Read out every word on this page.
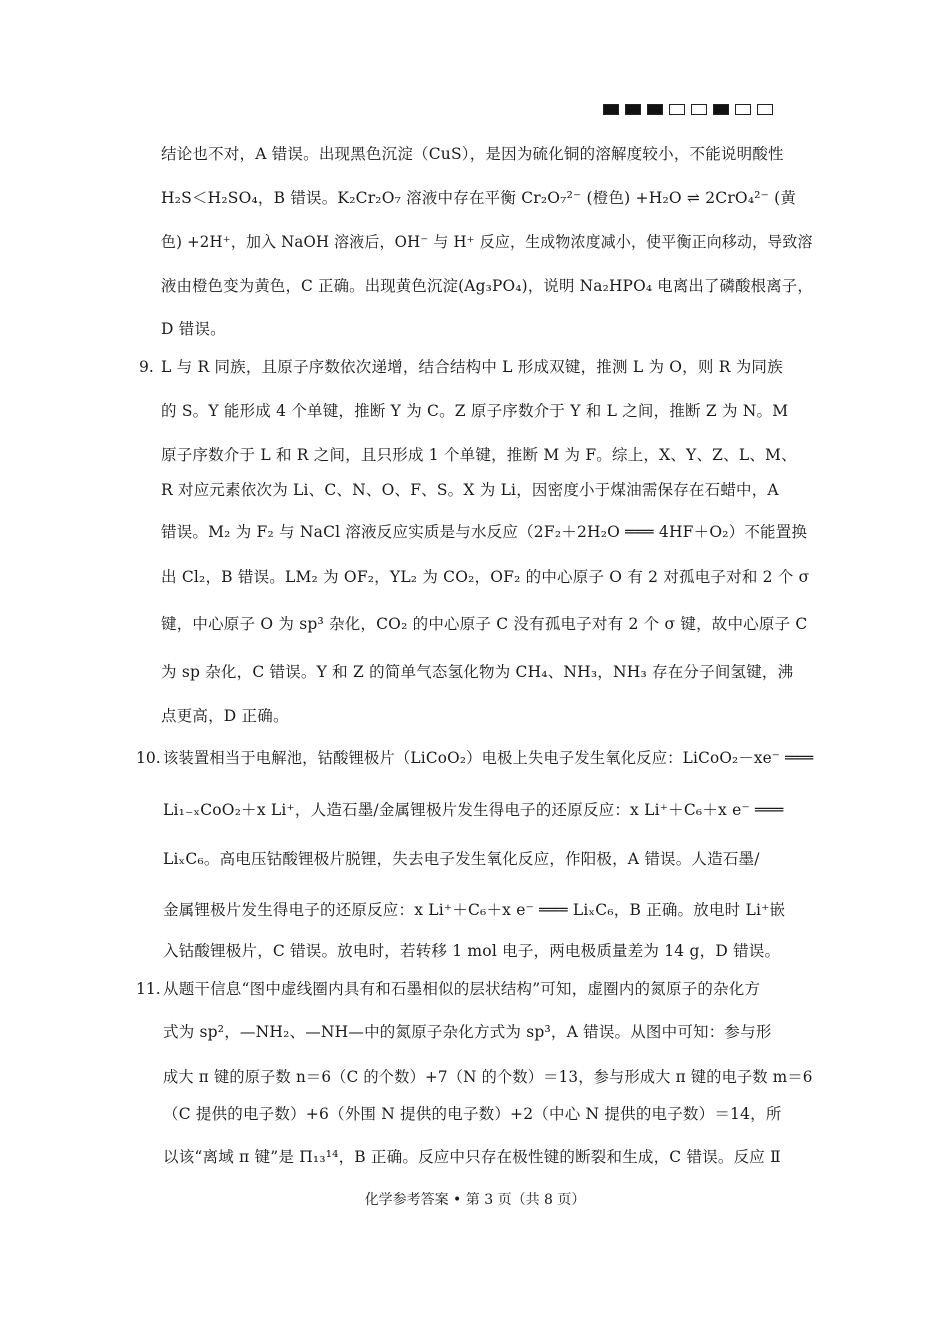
结论也不对，A 错误。出现黑色沉淀（CuS），是因为硫化铜的溶解度较小，不能说明酸性
H₂S＜H₂SO₄，B 错误。K₂Cr₂O₇ 溶液中存在平衡 Cr₂O₇²⁻ (橙色) +H₂O ⇌ 2CrO₄²⁻ (黄
色) +2H⁺，加入 NaOH 溶液后，OH⁻ 与 H⁺ 反应，生成物浓度减小，使平衡正向移动，导致溶
液由橙色变为黄色，C 正确。出现黄色沉淀(Ag₃PO₄)，说明 Na₂HPO₄ 电离出了磷酸根离子，
D 错误。
9. L 与 R 同族，且原子序数依次递增，结合结构中 L 形成双键，推测 L 为 O，则 R 为同族
的 S。Y 能形成 4 个单键，推断 Y 为 C。Z 原子序数介于 Y 和 L 之间，推断 Z 为 N。M
原子序数介于 L 和 R 之间，且只形成 1 个单键，推断 M 为 F。综上，X、Y、Z、L、M、
R 对应元素依次为 Li、C、N、O、F、S。X 为 Li，因密度小于煤油需保存在石蜡中，A
错误。M₂ 为 F₂ 与 NaCl 溶液反应实质是与水反应（2F₂＋2H₂O ═══ 4HF＋O₂）不能置换
出 Cl₂，B 错误。LM₂ 为 OF₂，YL₂ 为 CO₂，OF₂ 的中心原子 O 有 2 对孤电子对和 2 个 σ
键，中心原子 O 为 sp³ 杂化，CO₂ 的中心原子 C 没有孤电子对有 2 个 σ 键，故中心原子 C
为 sp 杂化，C 错误。Y 和 Z 的简单气态氢化物为 CH₄、NH₃，NH₃ 存在分子间氢键，沸
点更高，D 正确。
10. 该装置相当于电解池，钴酸锂极片（LiCoO₂）电极上失电子发生氧化反应：LiCoO₂－xe⁻ ═══
Li₁₋ₓCoO₂＋x Li⁺，人造石墨/金属锂极片发生得电子的还原反应：x Li⁺＋C₆＋x e⁻ ═══
LiₓC₆。高电压钴酸锂极片脱锂，失去电子发生氧化反应，作阳极，A 错误。人造石墨/
金属锂极片发生得电子的还原反应：x Li⁺＋C₆＋x e⁻ ═══ LiₓC₆，B 正确。放电时 Li⁺嵌
入钴酸锂极片，C 错误。放电时，若转移 1 mol 电子，两电极质量差为 14 g，D 错误。
11. 从题干信息“图中虚线圈内具有和石墨相似的层状结构”可知，虚圈内的氮原子的杂化方
式为 sp²，—NH₂、—NH—中的氮原子杂化方式为 sp³，A 错误。从图中可知：参与形
成大 π 键的原子数 n＝6（C 的个数）+7（N 的个数）＝13，参与形成大 π 键的电子数 m＝6
（C 提供的电子数）+6（外围 N 提供的电子数）+2（中心 N 提供的电子数）＝14，所
以该“离域 π 键”是 Π₁₃¹⁴，B 正确。反应中只存在极性键的断裂和生成，C 错误。反应 Ⅱ
化学参考答案 • 第 3 页（共 8 页）
